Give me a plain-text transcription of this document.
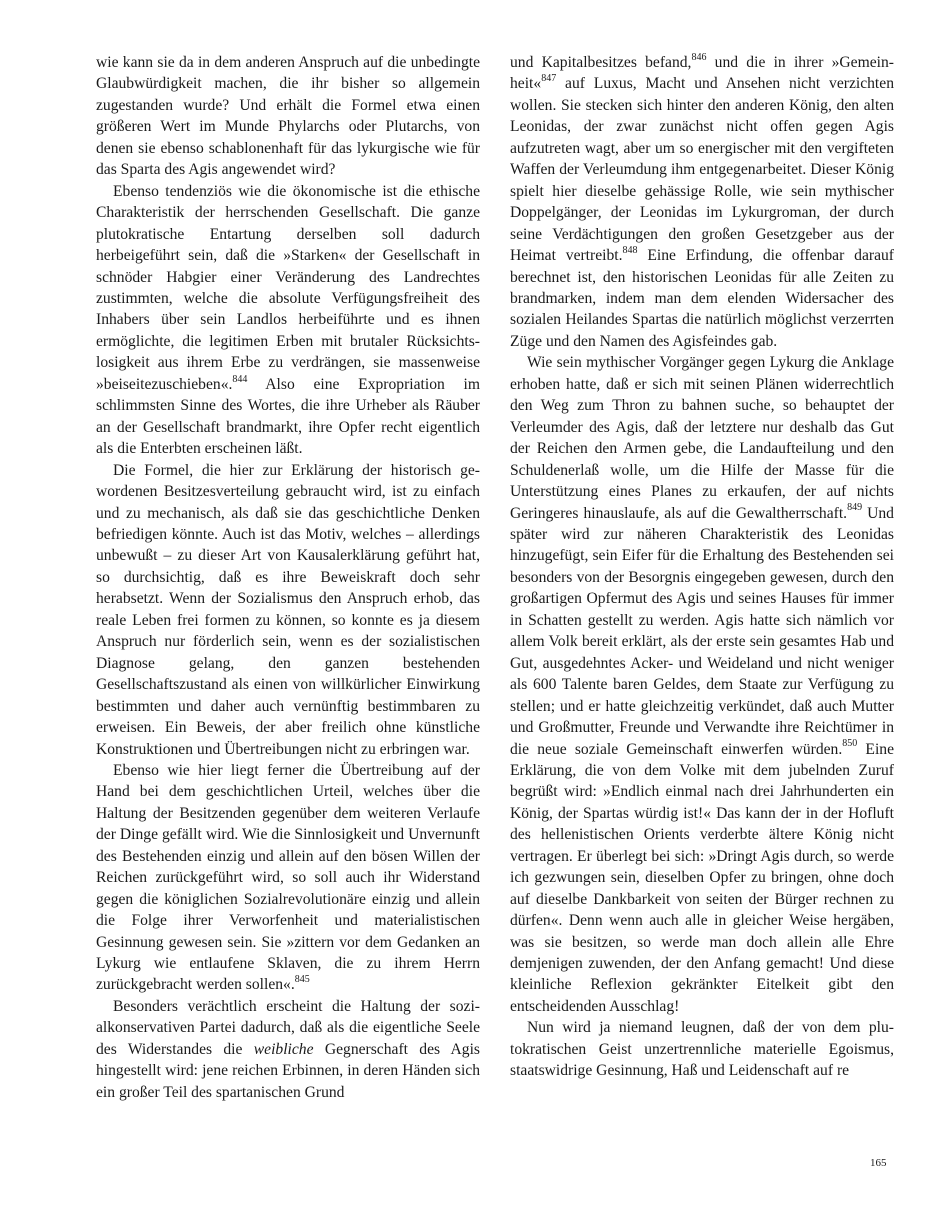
wie kann sie da in dem anderen Anspruch auf die unbedingte Glaubwürdigkeit machen, die ihr bisher so allgemein zugestanden wurde? Und erhält die Formel etwa einen größeren Wert im Munde Phylarchs oder Plutarchs, von denen sie ebenso schablonenhaft für das lykurgische wie für das Sparta des Agis angewendet wird?

Ebenso tendenziös wie die ökonomische ist die ethische Charakteristik der herrschenden Gesellschaft. Die ganze plutokratische Entartung derselben soll dadurch herbeigeführt sein, daß die »Starken« der Gesellschaft in schnöder Habgier einer Veränderung des Landrechtes zustimmten, welche die absolute Verfügungsfreiheit des Inhabers über sein Landlos herbeiführte und es ihnen ermöglichte, die legitimen Erben mit brutaler Rücksichtslosigkeit aus ihrem Erbe zu verdrängen, sie massenweise »beiseitezuschieben«.$^{844}$ Also eine Expropriation im schlimmsten Sinne des Wortes, die ihre Urheber als Räuber an der Gesellschaft brandmarkt, ihre Opfer recht eigentlich als die Enterbten erscheinen läßt.

Die Formel, die hier zur Erklärung der historisch gewordenen Besitzesverteilung gebraucht wird, ist zu einfach und zu mechanisch, als daß sie das geschichtliche Denken befriedigen könnte. Auch ist das Motiv, welches – allerdings unbewußt – zu dieser Art von Kausalerklärung geführt hat, so durchsichtig, daß es ihre Beweiskraft doch sehr herabsetzt. Wenn der Sozialismus den Anspruch erhob, das reale Leben frei formen zu können, so konnte es ja diesem Anspruch nur förderlich sein, wenn es der sozialistischen Diagnose gelang, den ganzen bestehenden Gesellschaftszustand als einen von willkürlicher Einwirkung bestimmten und daher auch vernünftig bestimmbaren zu erweisen. Ein Beweis, der aber freilich ohne künstliche Konstruktionen und Übertreibungen nicht zu erbringen war.

Ebenso wie hier liegt ferner die Übertreibung auf der Hand bei dem geschichtlichen Urteil, welches über die Haltung der Besitzenden gegenüber dem weiteren Verlaufe der Dinge gefällt wird. Wie die Sinnlosigkeit und Unvernunft des Bestehenden einzig und allein auf den bösen Willen der Reichen zurückgeführt wird, so soll auch ihr Widerstand gegen die königlichen Sozialrevolutionäre einzig und allein die Folge ihrer Verworfenheit und materialistischen Gesinnung gewesen sein. Sie »zittern vor dem Gedanken an Lykurg wie entlaufene Sklaven, die zu ihrem Herrn zurückgebracht werden sollen«.$^{845}$

Besonders verächtlich erscheint die Haltung der sozialkonservativen Partei dadurch, daß als die eigentliche Seele des Widerstandes die weibliche Gegnerschaft des Agis hingestellt wird: jene reichen Erbinnen, in deren Händen sich ein großer Teil des spartanischen Grund

und Kapitalbesitzes befand,$^{846}$ und die in ihrer »Gemeinheit«$^{847}$ auf Luxus, Macht und Ansehen nicht verzichten wollen. Sie stecken sich hinter den anderen König, den alten Leonidas, der zwar zunächst nicht offen gegen Agis aufzutreten wagt, aber um so energischer mit den vergifteten Waffen der Verleumdung ihm entgegenarbeitet. Dieser König spielt hier dieselbe gehässige Rolle, wie sein mythischer Doppelgänger, der Leonidas im Lykurgroman, der durch seine Verdächtigungen den großen Gesetzgeber aus der Heimat vertreibt.$^{848}$ Eine Erfindung, die offenbar darauf berechnet ist, den historischen Leonidas für alle Zeiten zu brandmarken, indem man dem elenden Widersacher des sozialen Heilandes Spartas die natürlich möglichst verzerrten Züge und den Namen des Agisfeindes gab.

Wie sein mythischer Vorgänger gegen Lykurg die Anklage erhoben hatte, daß er sich mit seinen Plänen widerrechtlich den Weg zum Thron zu bahnen suche, so behauptet der Verleumder des Agis, daß der letztere nur deshalb das Gut der Reichen den Armen gebe, die Landaufteilung und den Schuldenerlaß wolle, um die Hilfe der Masse für die Unterstützung eines Planes zu erkaufen, der auf nichts Geringeres hinauslaufe, als auf die Gewaltherrschaft.$^{849}$ Und später wird zur näheren Charakteristik des Leonidas hinzugefügt, sein Eifer für die Erhaltung des Bestehenden sei besonders von der Besorgnis eingegeben gewesen, durch den großartigen Opfermut des Agis und seines Hauses für immer in Schatten gestellt zu werden. Agis hatte sich nämlich vor allem Volk bereit erklärt, als der erste sein gesamtes Hab und Gut, ausgedehntes Acker- und Weideland und nicht weniger als 600 Talente baren Geldes, dem Staate zur Verfügung zu stellen; und er hatte gleichzeitig verkündet, daß auch Mutter und Großmutter, Freunde und Verwandte ihre Reichtümer in die neue soziale Gemeinschaft einwerfen würden.$^{850}$ Eine Erklärung, die von dem Volke mit dem jubelnden Zuruf begrüßt wird: »Endlich einmal nach drei Jahrhunderten ein König, der Spartas würdig ist!« Das kann der in der Hofluft des hellenistischen Orients verderbte ältere König nicht vertragen. Er überlegt bei sich: »Dringt Agis durch, so werde ich gezwungen sein, dieselben Opfer zu bringen, ohne doch auf dieselbe Dankbarkeit von seiten der Bürger rechnen zu dürfen«. Denn wenn auch alle in gleicher Weise hergäben, was sie besitzen, so werde man doch allein alle Ehre demjenigen zuwenden, der den Anfang gemacht! Und diese kleinliche Reflexion gekränkter Eitelkeit gibt den entscheidenden Ausschlag!

Nun wird ja niemand leugnen, daß der von dem plutokratischen Geist unzertrennliche materielle Egoismus, staatswidrige Gesinnung, Haß und Leidenschaft auf re

165
